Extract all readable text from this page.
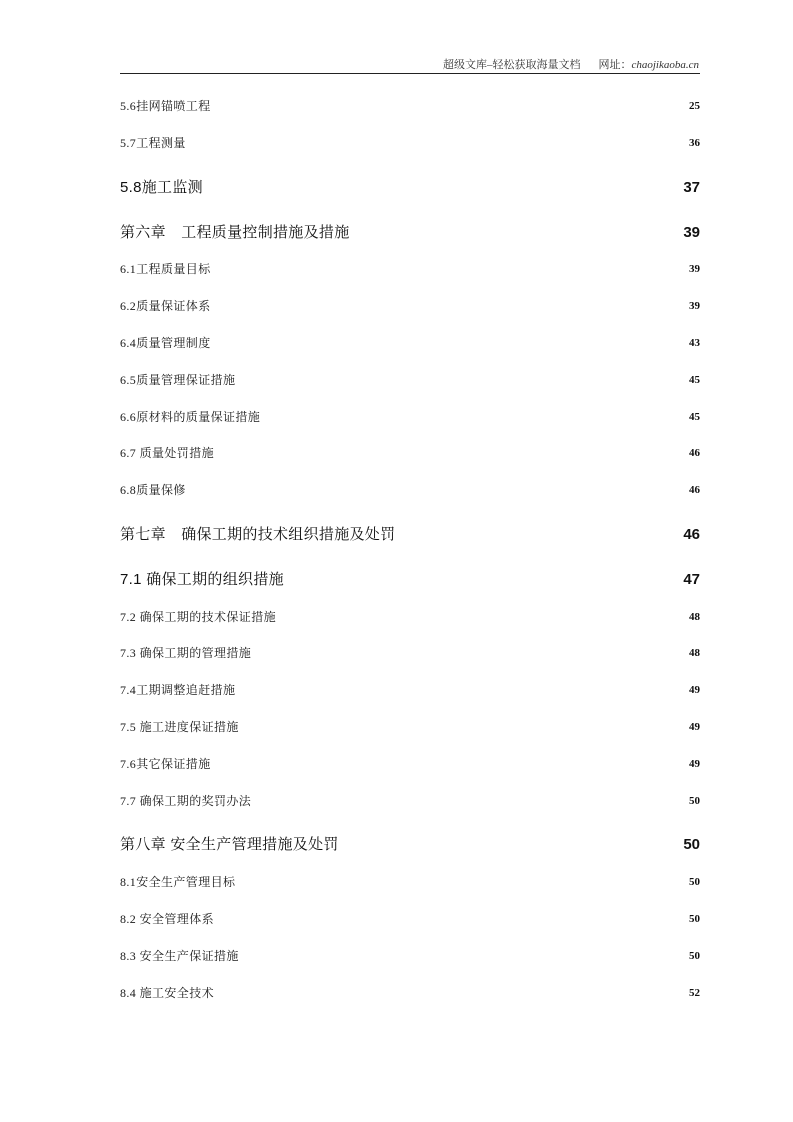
超级文库–轻松获取海量文档 网址：chaojikaoba.cn
5.6挂网锚喷工程	25
5.7工程测量	36
5.8施工监测	37
第六章　工程质量控制措施及措施	39
6.1工程质量目标	39
6.2质量保证体系	39
6.4质量管理制度	43
6.5质量管理保证措施	45
6.6原材料的质量保证措施	45
6.7 质量处罚措施	46
6.8质量保修	46
第七章　确保工期的技术组织措施及处罚	46
7.1 确保工期的组织措施	47
7.2 确保工期的技术保证措施	48
7.3 确保工期的管理措施	48
7.4工期调整追赶措施	49
7.5 施工进度保证措施	49
7.6其它保证措施	49
7.7 确保工期的奖罚办法	50
第八章 安全生产管理措施及处罚	50
8.1安全生产管理目标	50
8.2 安全管理体系	50
8.3 安全生产保证措施	50
8.4 施工安全技术	52
